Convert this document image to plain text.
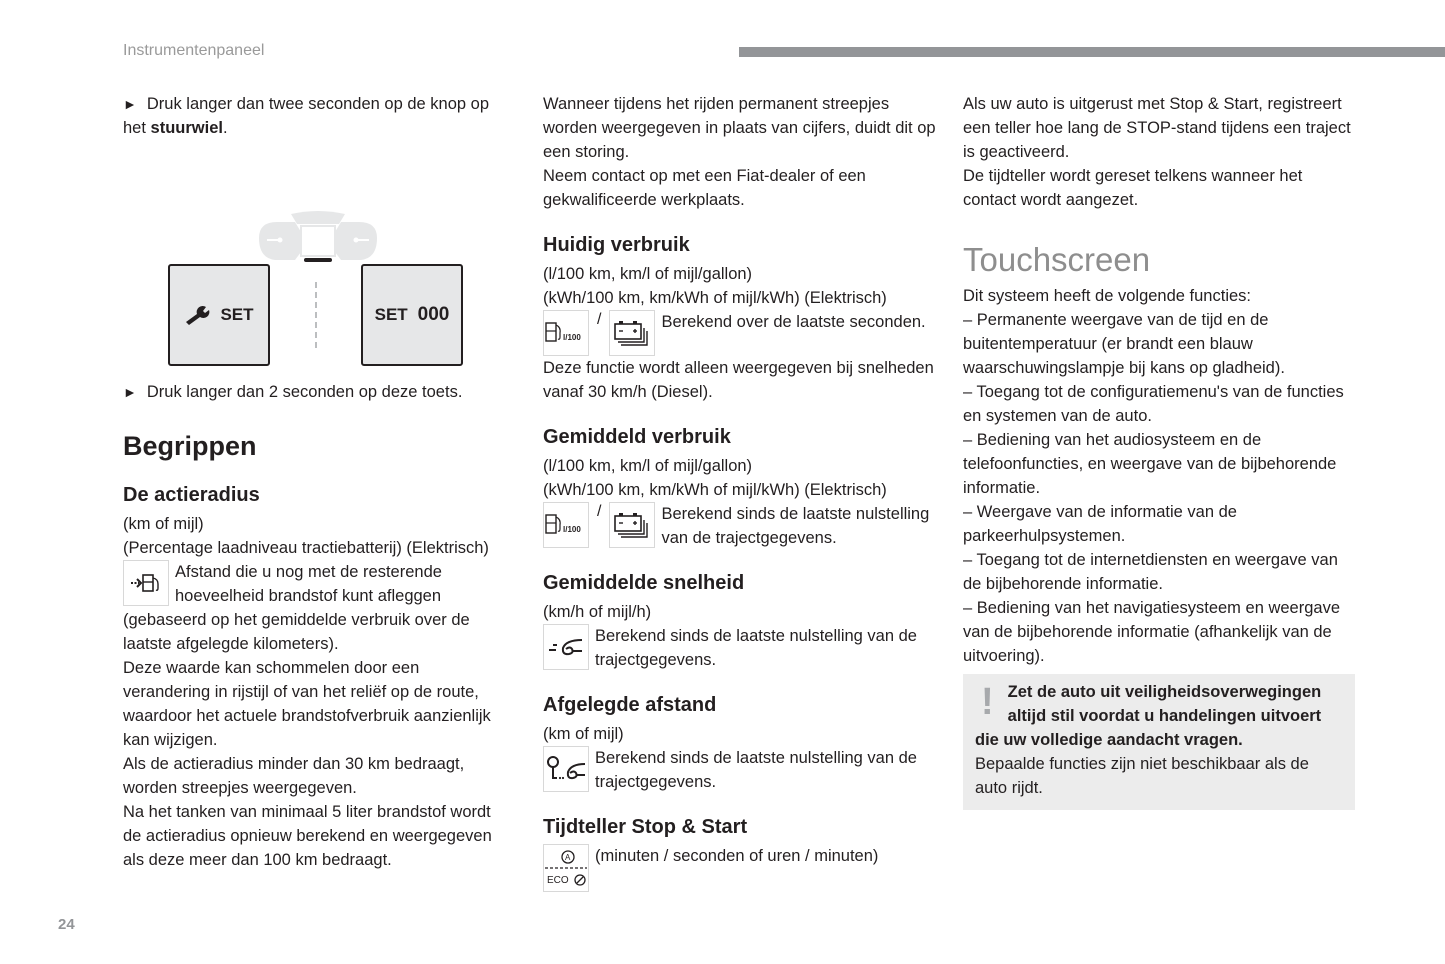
Instrumentenpaneel
24

► Druk langer dan twee seconden op de knop op het stuurwiel.

SET	SET 000

► Druk langer dan 2 seconden op deze toets.

Begrippen
De actieradius

(km of mijl)

(Percentage laadniveau tractiebatterij) (Elektrisch)

Afstand die u nog met de resterende hoeveelheid brandstof kunt afleggen

(gebaseerd op het gemiddelde verbruik over de laatste afgelegde kilometers).

Deze waarde kan schommelen door een verandering in rijstijl of van het reliëf op de route, waardoor het actuele brandstofverbruik aanzienlijk kan wijzigen.

Als de actieradius minder dan 30 km bedraagt, worden streepjes weergegeven.

Na het tanken van minimaal 5 liter brandstof wordt de actieradius opnieuw berekend en weergegeven als deze meer dan 100 km bedraagt.

Wanneer tijdens het rijden permanent streepjes worden weergegeven in plaats van cijfers, duidt dit op een storing.

Neem contact op met een Fiat-dealer of een gekwalificeerde werkplaats.

Huidig verbruik

(l/100 km, km/l of mijl/gallon)

(kWh/100 km, km/kWh of mijl/kWh) (Elektrisch)

l/100
/	Berekend over de laatste seconden.

Deze functie wordt alleen weergegeven bij snelheden vanaf 30 km/h (Diesel).

Gemiddeld verbruik

(l/100 km, km/l of mijl/gallon)

(kWh/100 km, km/kWh of mijl/kWh) (Elektrisch)

l/100
/	Berekend sinds de laatste nulstelling van de trajectgegevens.

Gemiddelde snelheid

(km/h of mijl/h)

Berekend sinds de laatste nulstelling van de trajectgegevens.

Afgelegde afstand

(km of mijl)

Berekend sinds de laatste nulstelling van de trajectgegevens.

Tijdteller Stop & Start
A
ECO

(minuten / seconden of uren / minuten)

Als uw auto is uitgerust met Stop & Start, registreert een teller hoe lang de STOP-stand tijdens een traject is geactiveerd.

De tijdteller wordt gereset telkens wanneer het contact wordt aangezet.

Touchscreen

Dit systeem heeft de volgende functies:

– Permanente weergave van de tijd en de buitentemperatuur (er brandt een blauw waarschuwingslampje bij kans op gladheid).

– Toegang tot de configuratiemenu's van de functies en systemen van de auto.

– Bediening van het audiosysteem en de telefoonfuncties, en weergave van de bijbehorende informatie.

– Weergave van de informatie van de parkeerhulpsystemen.

– Toegang tot de internetdiensten en weergave van de bijbehorende informatie.

– Bediening van het navigatiesysteem en weergave van de bijbehorende informatie (afhankelijk van de uitvoering).

! Zet de auto uit veiligheidsoverwegingen altijd stil voordat u handelingen uitvoert die uw volledige aandacht vragen.

Bepaalde functies zijn niet beschikbaar als de auto rijdt.
